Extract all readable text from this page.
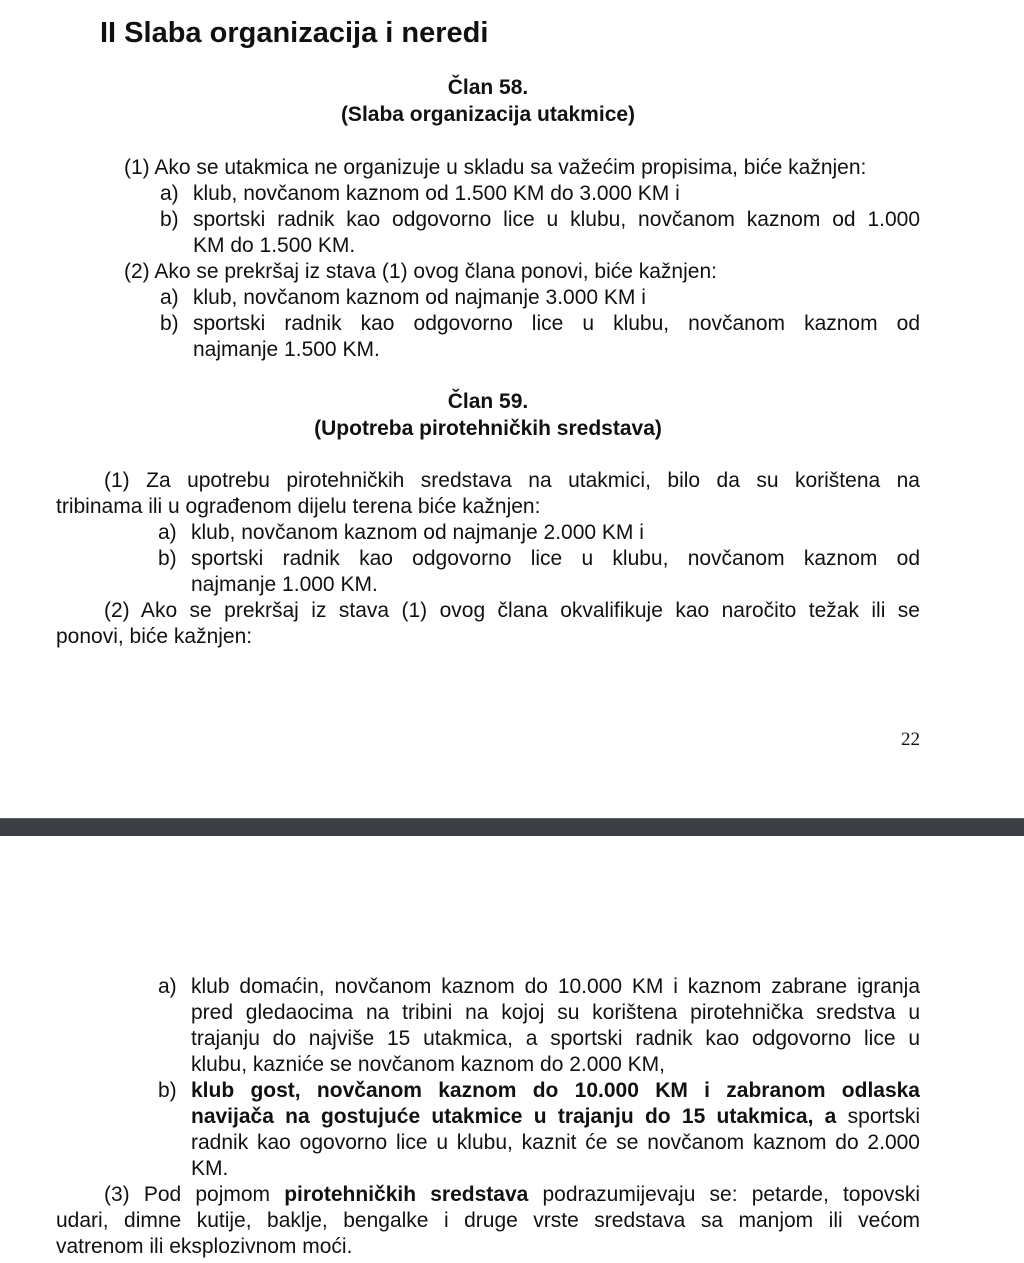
II Slaba organizacija i neredi
Član 58.
(Slaba organizacija utakmice)
(1) Ako se utakmica ne organizuje u skladu sa važećim propisima, biće kažnjen:
a) klub, novčanom kaznom od 1.500 KM do 3.000 KM i
b) sportski radnik kao odgovorno lice u klubu, novčanom kaznom od 1.000
KM do 1.500 KM.
(2) Ako se prekršaj iz stava (1) ovog člana ponovi, biće kažnjen:
a) klub, novčanom kaznom od najmanje 3.000 KM i
b) sportski radnik kao odgovorno lice u klubu, novčanom kaznom od
najmanje 1.500 KM.
Član 59.
(Upotreba pirotehničkih sredstava)
(1) Za upotrebu pirotehničkih sredstava na utakmici, bilo da su korištena na
tribinama ili u ograđenom dijelu terena biće kažnjen:
a) klub, novčanom kaznom od najmanje 2.000 KM i
b) sportski radnik kao odgovorno lice u klubu, novčanom kaznom od
najmanje 1.000 KM.
(2) Ako se prekršaj iz stava (1) ovog člana okvalifikuje kao naročito težak ili se
ponovi, biće kažnjen:
22
a) klub domaćin, novčanom kaznom do 10.000 KM i kaznom zabrane igranja
pred gledaocima na tribini na kojoj su korištena pirotehnička sredstva u
trajanju do najviše 15 utakmica, a sportski radnik kao odgovorno lice u
klubu, kazniće se novčanom kaznom do 2.000 KM,
b) klub gost, novčanom kaznom do 10.000 KM i zabranom odlaska
navijača na gostujuće utakmice u trajanju do 15 utakmica, a sportski
radnik kao ogovorno lice u klubu, kaznit će se novčanom kaznom do 2.000
KM.
(3) Pod pojmom pirotehničkih sredstava podrazumijevaju se: petarde, topovski
udari, dimne kutije, baklje, bengalke i druge vrste sredstava sa manjom ili većom
vatrenom ili eksplozivnom moći.
